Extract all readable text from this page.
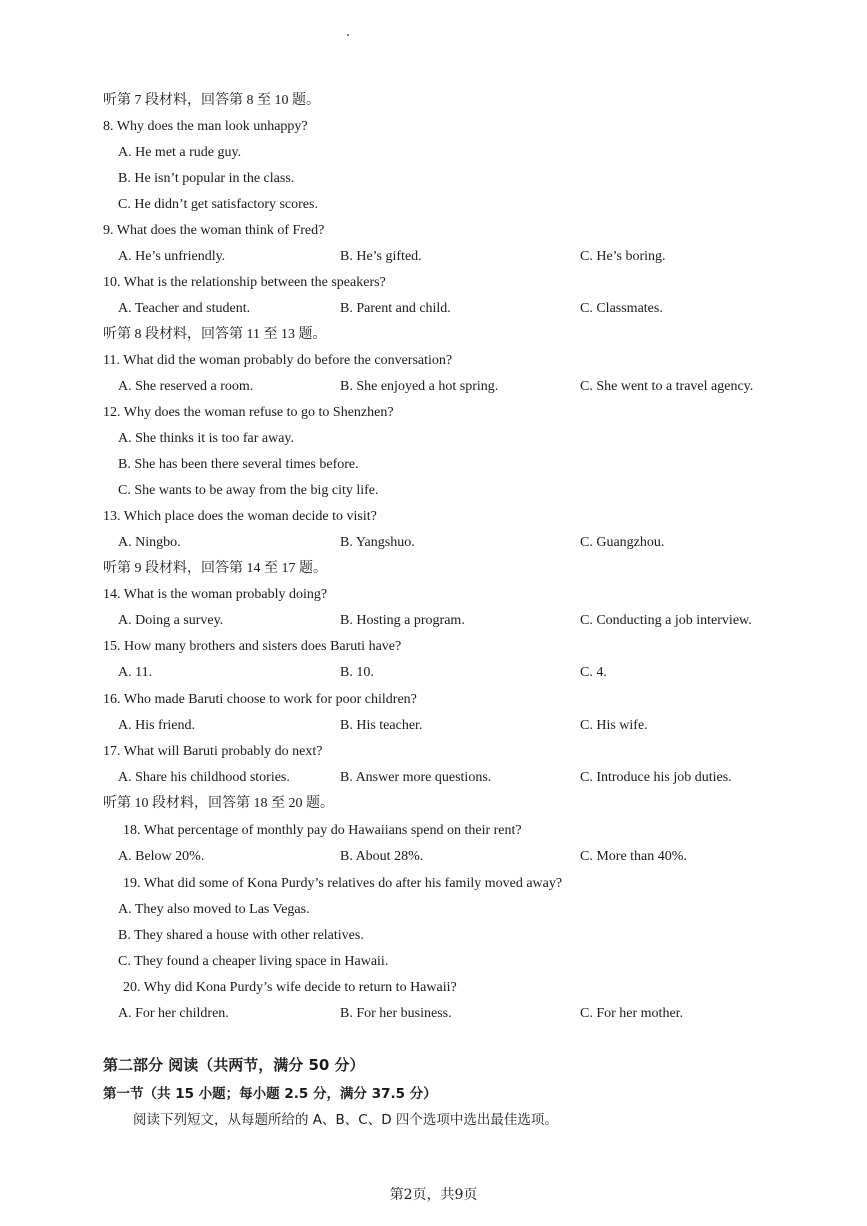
听第 7 段材料，回答第 8 至 10 题。
8. Why does the man look unhappy?
A. He met a rude guy.
B. He isn’t popular in the class.
C. He didn’t get satisfactory scores.
9. What does the woman think of Fred?
A. He’s unfriendly.	B. He’s gifted.	C. He’s boring.
10. What is the relationship between the speakers?
A. Teacher and student.	B. Parent and child.	C. Classmates.
听第 8 段材料，回答第 11 至 13 题。
11. What did the woman probably do before the conversation?
A. She reserved a room.	B. She enjoyed a hot spring.	C. She went to a travel agency.
12. Why does the woman refuse to go to Shenzhen?
A. She thinks it is too far away.
B. She has been there several times before.
C. She wants to be away from the big city life.
13. Which place does the woman decide to visit?
A. Ningbo.	B. Yangshuo.	C. Guangzhou.
听第 9 段材料，回答第 14 至 17 题。
14. What is the woman probably doing?
A. Doing a survey.	B. Hosting a program.	C. Conducting a job interview.
15. How many brothers and sisters does Baruti have?
A. 11.	B. 10.	C. 4.
16. Who made Baruti choose to work for poor children?
A. His friend.	B. His teacher.	C. His wife.
17. What will Baruti probably do next?
A. Share his childhood stories.	B. Answer more questions.	C. Introduce his job duties.
听第 10 段材料，回答第 18 至 20 题。
18. What percentage of monthly pay do Hawaiians spend on their rent?
A. Below 20%.	B. About 28%.	C. More than 40%.
19. What did some of Kona Purdy’s relatives do after his family moved away?
A. They also moved to Las Vegas.
B. They shared a house with other relatives.
C. They found a cheaper living space in Hawaii.
20. Why did Kona Purdy’s wife decide to return to Hawaii?
A. For her children.	B. For her business.	C. For her mother.
第二部分 阅读（共两节，满分 50 分）
第一节（共 15 小题；每小题 2.5 分，满分 37.5 分）
阅读下列短文，从每题所给的 A、B、C、D 四个选项中选出最佳选项。
第2页，共9页
